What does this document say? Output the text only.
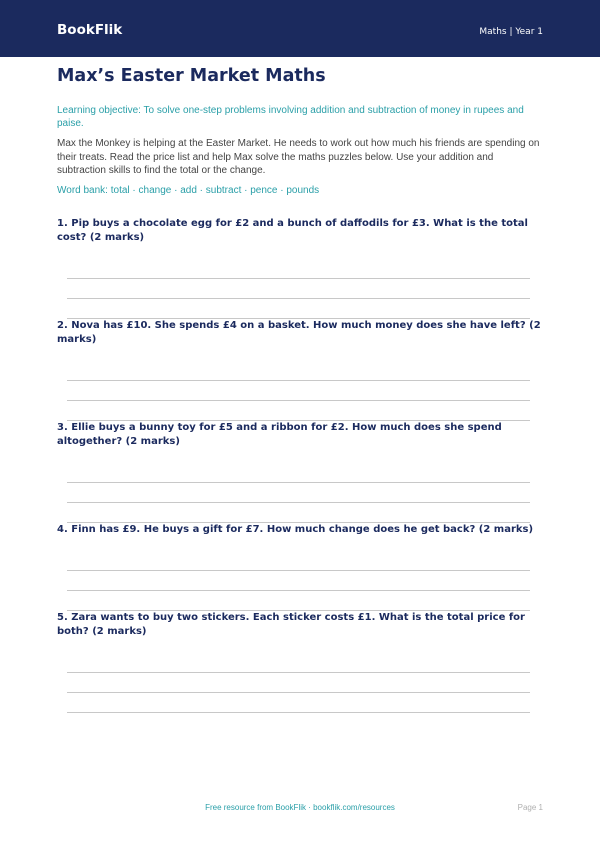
BookFlik	Maths | Year 1
Max’s Easter Market Maths

Learning objective: To solve one-step problems involving addition and subtraction of money in rupees and paise.

Max the Monkey is helping at the Easter Market. He needs to work out how much his friends are spending on their treats. Read the price list and help Max solve the maths puzzles below. Use your addition and subtraction skills to find the total or the change.

Word bank: total · change · add · subtract · pence · pounds

1. Pip buys a chocolate egg for £2 and a bunch of daffodils for £3. What is the total cost? (2 marks)
2. Nova has £10. She spends £4 on a basket. How much money does she have left? (2 marks)
3. Ellie buys a bunny toy for £5 and a ribbon for £2. How much does she spend altogether? (2 marks)
4. Finn has £9. He buys a gift for £7. How much change does he get back? (2 marks)
5. Zara wants to buy two stickers. Each sticker costs £1. What is the total price for both? (2 marks)
Free resource from BookFlik · bookflik.com/resources	Page 1
